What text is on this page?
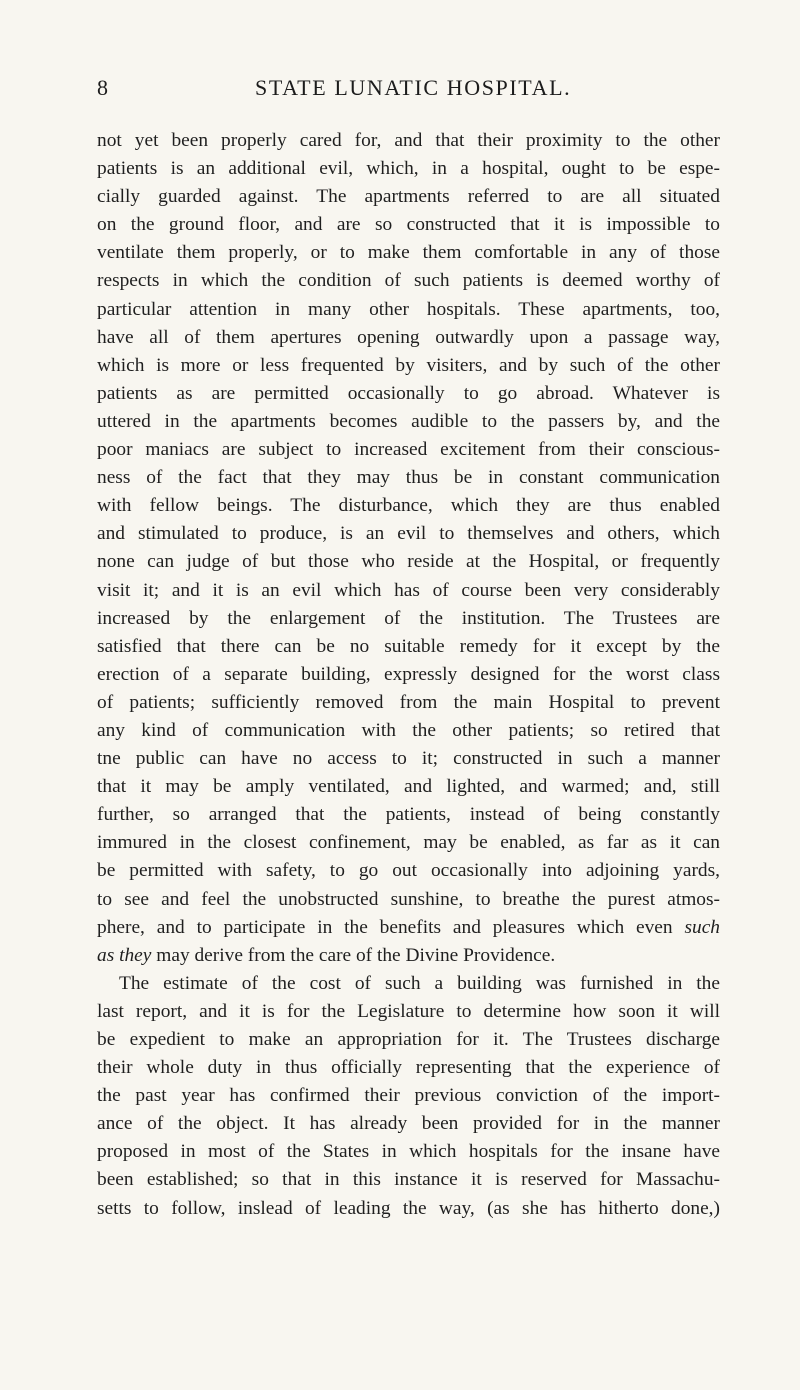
8	STATE LUNATIC HOSPITAL.
not yet been properly cared for, and that their proximity to the other
patients is an additional evil, which, in a hospital, ought to be espe-
cially guarded against. The apartments referred to are all situated
on the ground floor, and are so constructed that it is impossible to
ventilate them properly, or to make them comfortable in any of those
respects in which the condition of such patients is deemed worthy of
particular attention in many other hospitals. These apartments, too,
have all of them apertures opening outwardly upon a passage way,
which is more or less frequented by visiters, and by such of the other
patients as are permitted occasionally to go abroad. Whatever is
uttered in the apartments becomes audible to the passers by, and the
poor maniacs are subject to increased excitement from their conscious-
ness of the fact that they may thus be in constant communication
with fellow beings. The disturbance, which they are thus enabled
and stimulated to produce, is an evil to themselves and others, which
none can judge of but those who reside at the Hospital, or frequently
visit it; and it is an evil which has of course been very considerably
increased by the enlargement of the institution. The Trustees are
satisfied that there can be no suitable remedy for it except by the
erection of a separate building, expressly designed for the worst class
of patients; sufficiently removed from the main Hospital to prevent
any kind of communication with the other patients; so retired that
tne public can have no access to it; constructed in such a manner
that it may be amply ventilated, and lighted, and warmed; and, still
further, so arranged that the patients, instead of being constantly
immured in the closest confinement, may be enabled, as far as it can
be permitted with safety, to go out occasionally into adjoining yards,
to see and feel the unobstructed sunshine, to breathe the purest atmos-
phere, and to participate in the benefits and pleasures which even such
as they may derive from the care of the Divine Providence.
The estimate of the cost of such a building was furnished in the
last report, and it is for the Legislature to determine how soon it will
be expedient to make an appropriation for it. The Trustees discharge
their whole duty in thus officially representing that the experience of
the past year has confirmed their previous conviction of the import-
ance of the object. It has already been provided for in the manner
proposed in most of the States in which hospitals for the insane have
been established; so that in this instance it is reserved for Massachu-
setts to follow, inslead of leading the way, (as she has hitherto done,)
